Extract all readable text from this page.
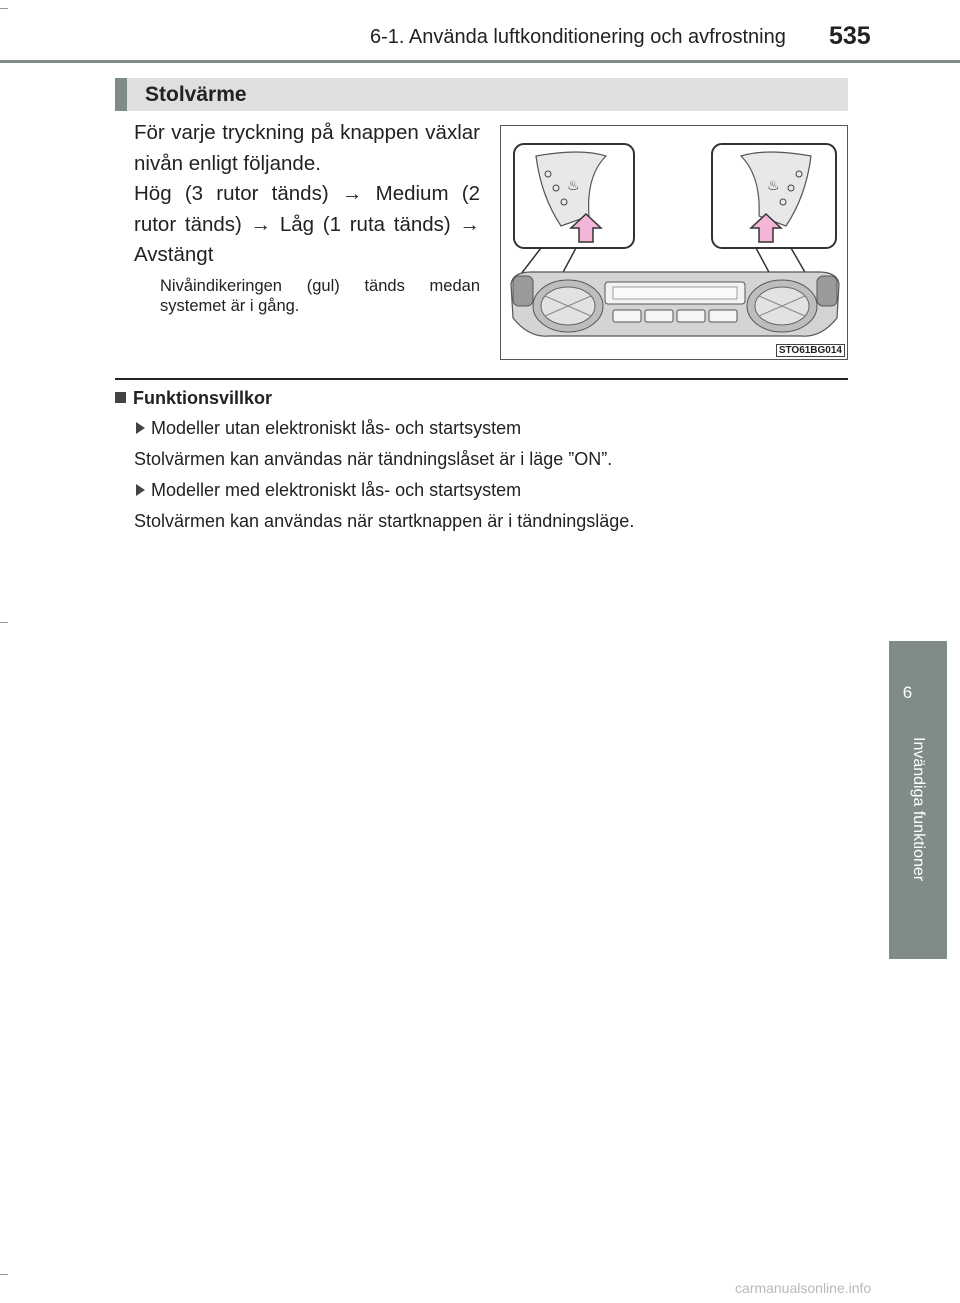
6-1. Använda luftkonditionering och avfrostning 535
Stolvärme

För varje tryckning på knappen växlar nivån enligt följande.

Hög (3 rutor tänds) → Medium (2 rutor tänds) → Låg (1 ruta tänds) → Avstängt

Nivåindikeringen (gul) tänds medan systemet är i gång.
♨	♨
STO61BG014
Funktionsvillkor
Modeller utan elektroniskt lås- och startsystem
Stolvärmen kan användas när tändningslåset är i läge ”ON”.
Modeller med elektroniskt lås- och startsystem
Stolvärmen kan användas när startknappen är i tändningsläge.
6
Invändiga funktioner
carmanualsonline.info
